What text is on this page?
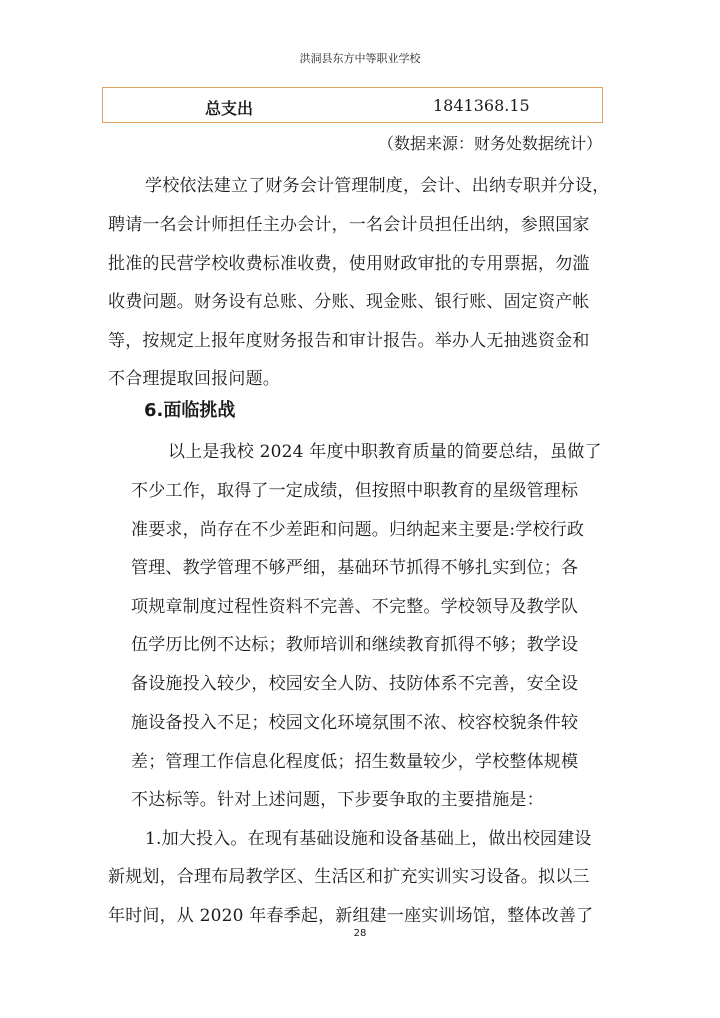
洪洞县东方中等职业学校
总支出	1841368.15
（数据来源：财务处数据统计）
学校依法建立了财务会计管理制度，会计、出纳专职并分设，
聘请一名会计师担任主办会计，一名会计员担任出纳，参照国家
批准的民营学校收费标准收费，使用财政审批的专用票据，勿滥
收费问题。财务设有总账、分账、现金账、银行账、固定资产帐
等，按规定上报年度财务报告和审计报告。举办人无抽逃资金和
不合理提取回报问题。
6.面临挑战
以上是我校 2024 年度中职教育质量的简要总结，虽做了
不少工作，取得了一定成绩，但按照中职教育的星级管理标
准要求，尚存在不少差距和问题。归纳起来主要是:学校行政
管理、教学管理不够严细，基础环节抓得不够扎实到位；各
项规章制度过程性资料不完善、不完整。学校领导及教学队
伍学历比例不达标；教师培训和继续教育抓得不够；教学设
备设施投入较少，校园安全人防、技防体系不完善，安全设
施设备投入不足；校园文化环境氛围不浓、校容校貌条件较
差；管理工作信息化程度低；招生数量较少，学校整体规模
不达标等。针对上述问题，下步要争取的主要措施是：
1.加大投入。在现有基础设施和设备基础上，做出校园建设
新规划，合理布局教学区、生活区和扩充实训实习设备。拟以三
年时间，从 2020 年春季起，新组建一座实训场馆，整体改善了
28
